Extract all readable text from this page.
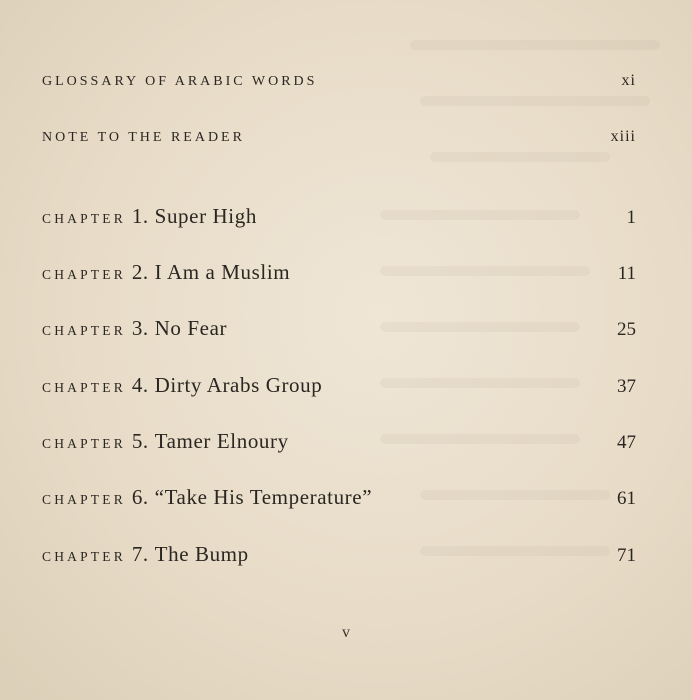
GLOSSARY OF ARABIC WORDS	xi
NOTE TO THE READER	xiii
CHAPTER 1. Super High	1
CHAPTER 2. I Am a Muslim	11
CHAPTER 3. No Fear	25
CHAPTER 4. Dirty Arabs Group	37
CHAPTER 5. Tamer Elnoury	47
CHAPTER 6. “Take His Temperature”	61
CHAPTER 7. The Bump	71
v
